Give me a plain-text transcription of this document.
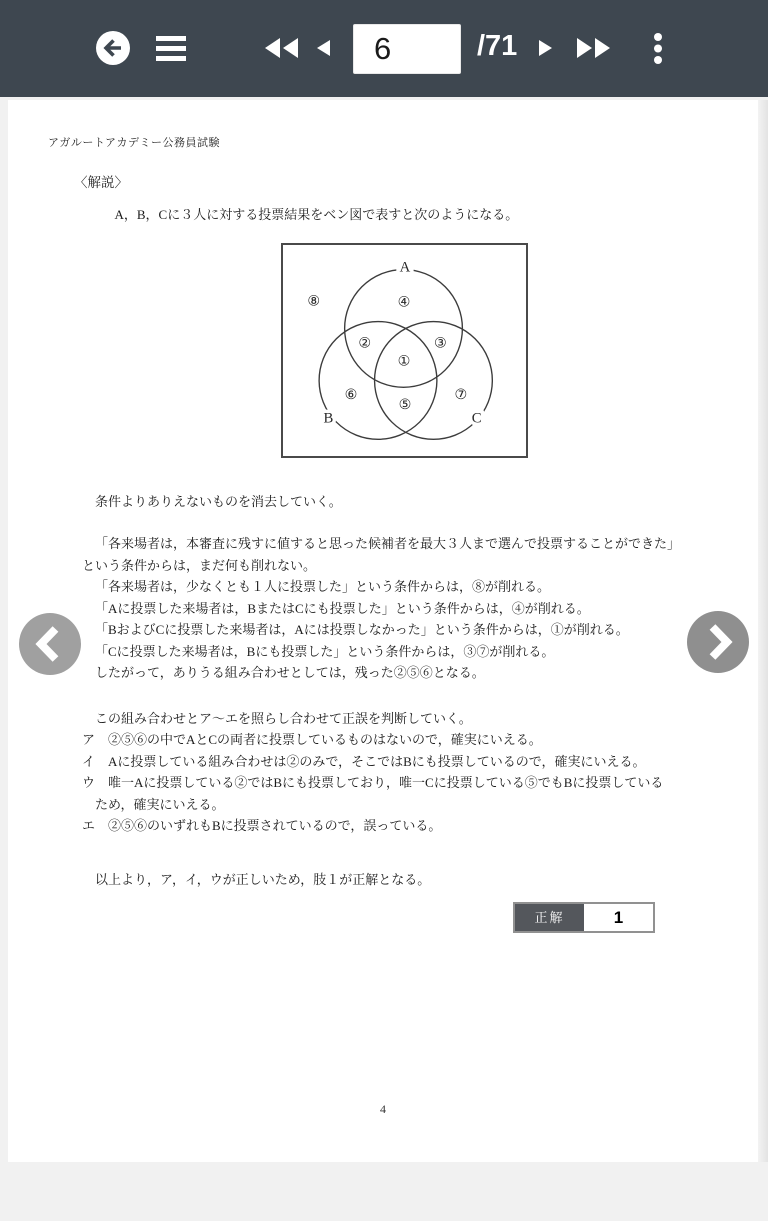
6
/71
アガルートアカデミー公務員試験
〈解説〉

A，B，Cに３人に対する投票結果をベン図で表すと次のようになる。

A
B	C
⑧	④
②	③
①
⑥
⑤
⑦

条件よりありえないものを消去していく。

「各来場者は，本審査に残すに値すると思った候補者を最大３人まで選んで投票することができた」という条件からは，まだ何も削れない。

「各来場者は，少なくとも１人に投票した」という条件からは，⑧が削れる。

「Aに投票した来場者は，BまたはCにも投票した」という条件からは，④が削れる。

「BおよびCに投票した来場者は，Aには投票しなかった」という条件からは，①が削れる。

「Cに投票した来場者は，Bにも投票した」という条件からは，③⑦が削れる。

したがって，ありうる組み合わせとしては，残った②⑤⑥となる。

この組み合わせとア～エを照らし合わせて正誤を判断していく。

ア　②⑤⑥の中でAとCの両者に投票しているものはないので，確実にいえる。

イ　Aに投票している組み合わせは②のみで，そこではBにも投票しているので，確実にいえる。

ウ　唯一Aに投票している②ではBにも投票しており，唯一Cに投票している⑤でもBに投票しているため，確実にいえる。

エ　②⑤⑥のいずれもBに投票されているので，誤っている。

以上より，ア，イ，ウが正しいため，肢１が正解となる。

正解	1
4
